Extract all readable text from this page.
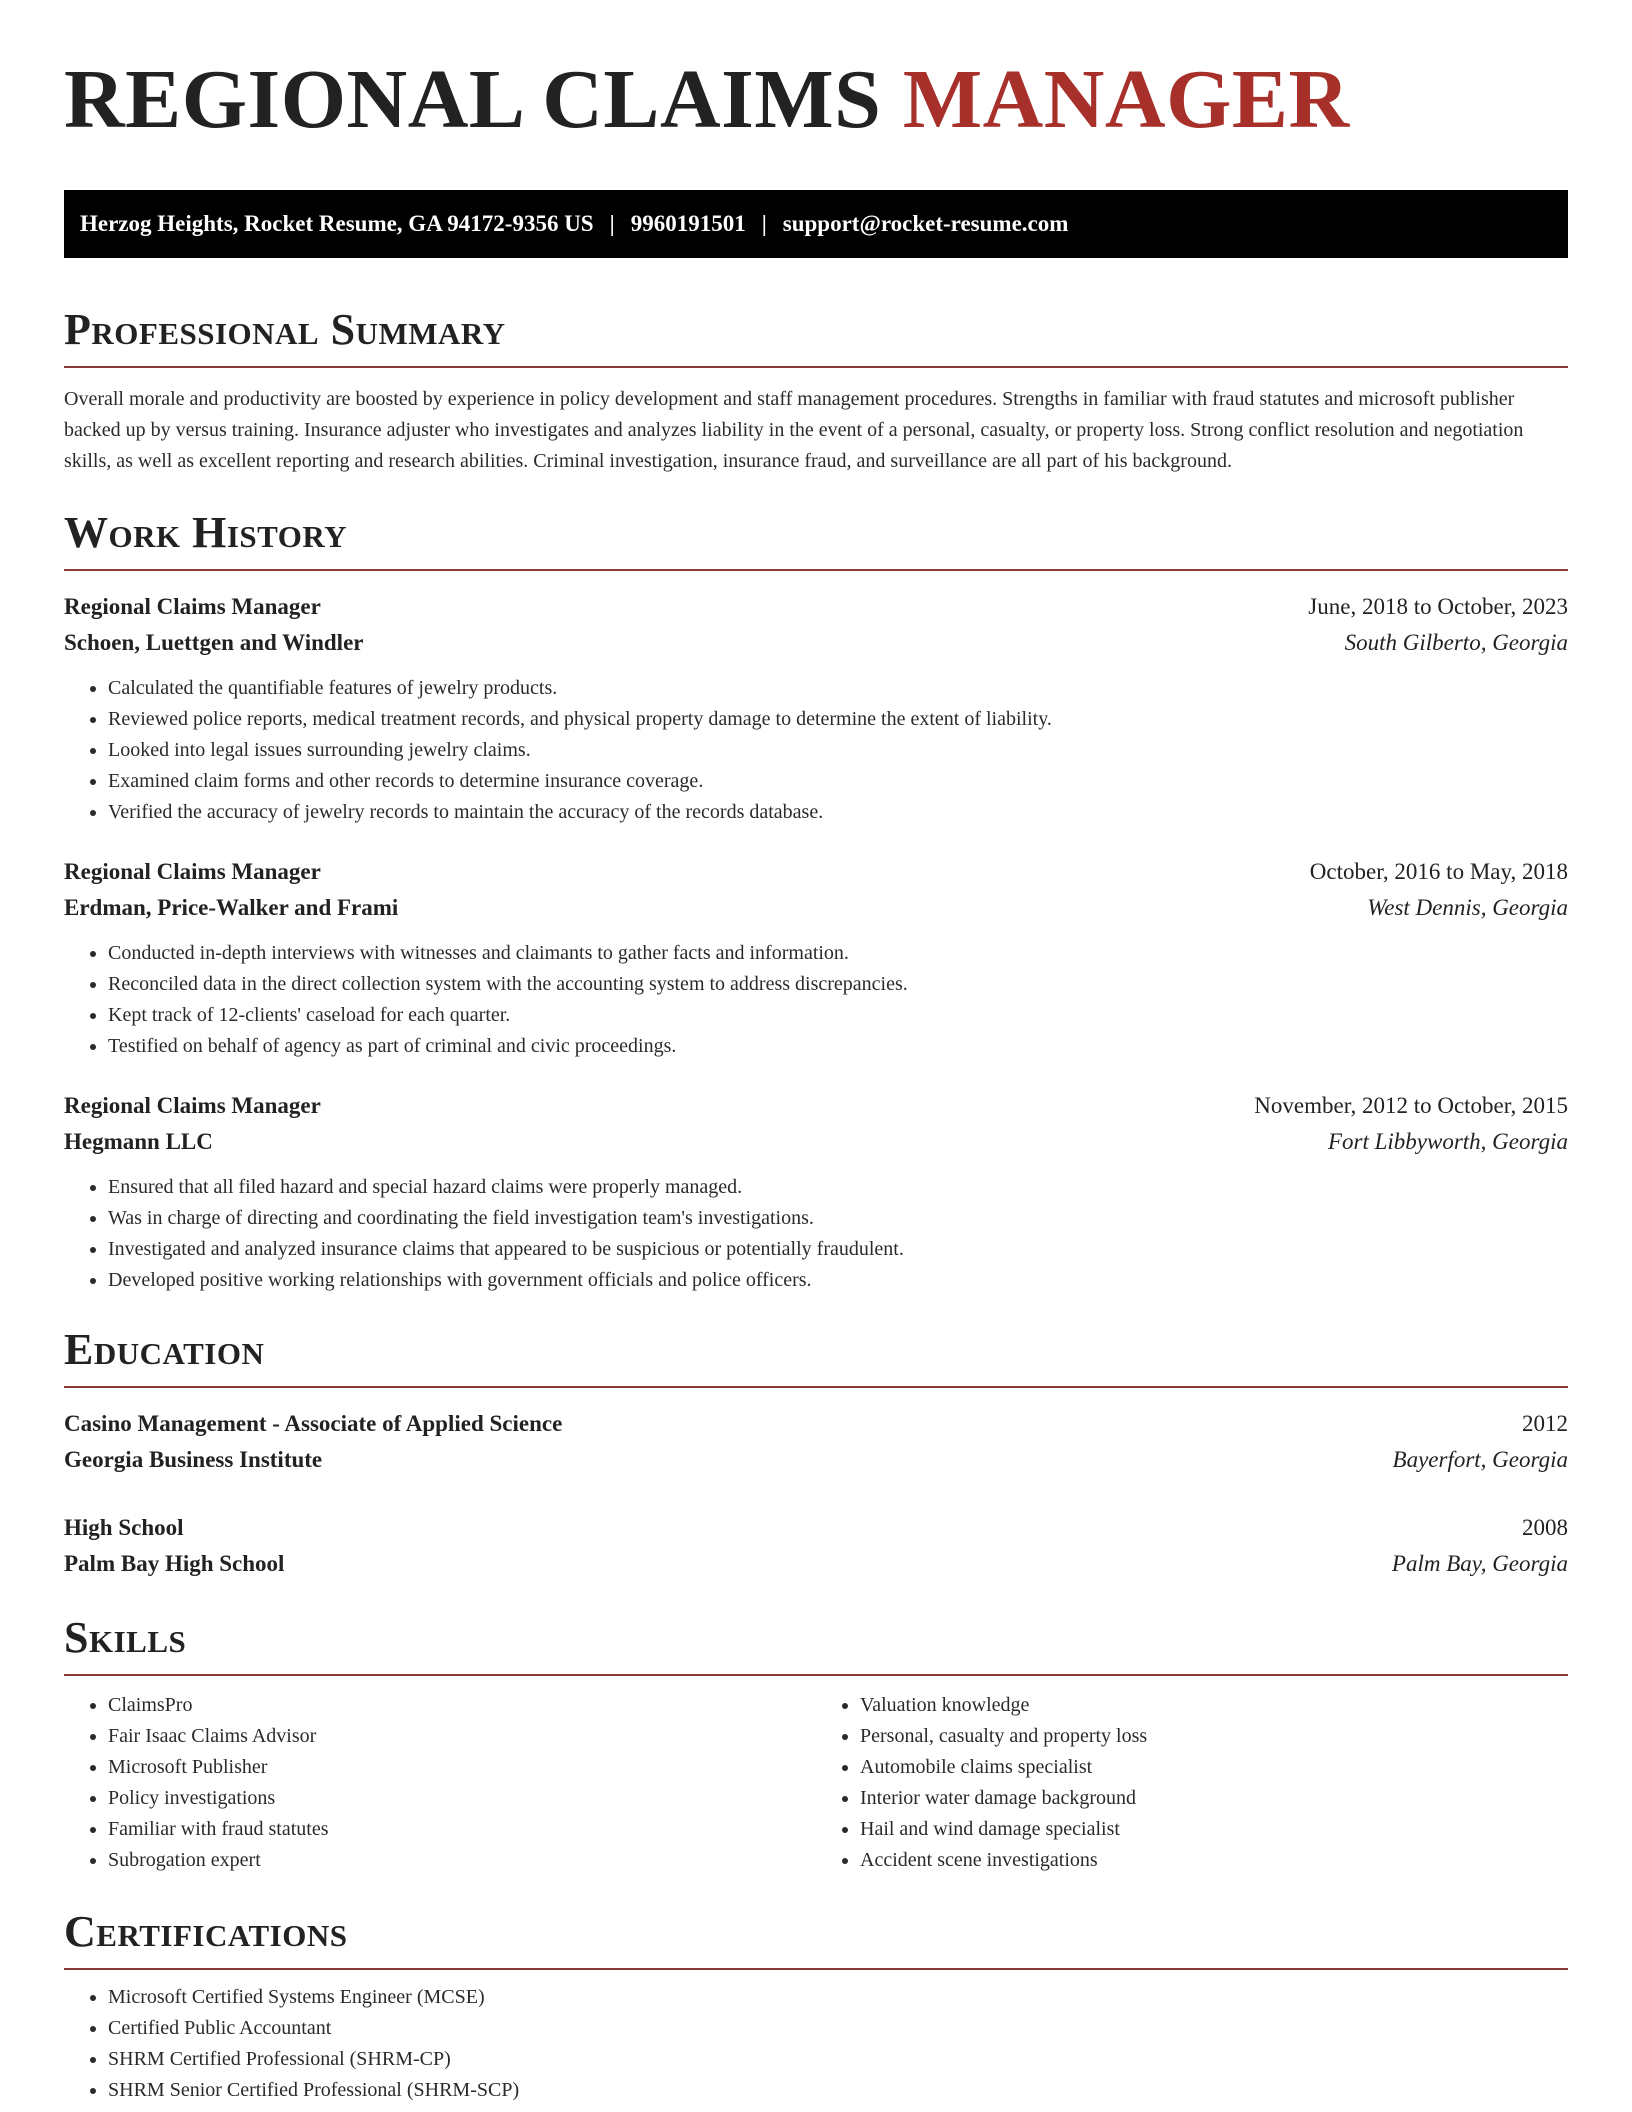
REGIONAL CLAIMS MANAGER
Herzog Heights, Rocket Resume, GA 94172-9356 US | 9960191501 | support@rocket-resume.com
Professional Summary

Overall morale and productivity are boosted by experience in policy development and staff management procedures. Strengths in familiar with fraud statutes and microsoft publisher backed up by versus training. Insurance adjuster who investigates and analyzes liability in the event of a personal, casualty, or property loss. Strong conflict resolution and negotiation skills, as well as excellent reporting and research abilities. Criminal investigation, insurance fraud, and surveillance are all part of his background.

Work History
Regional Claims Manager	June, 2018 to October, 2023
Schoen, Luettgen and Windler	South Gilberto, Georgia
• Calculated the quantifiable features of jewelry products.
• Reviewed police reports, medical treatment records, and physical property damage to determine the extent of liability.
• Looked into legal issues surrounding jewelry claims.
• Examined claim forms and other records to determine insurance coverage.
• Verified the accuracy of jewelry records to maintain the accuracy of the records database.
Regional Claims Manager	October, 2016 to May, 2018
Erdman, Price-Walker and Frami	West Dennis, Georgia
• Conducted in-depth interviews with witnesses and claimants to gather facts and information.
• Reconciled data in the direct collection system with the accounting system to address discrepancies.
• Kept track of 12-clients' caseload for each quarter.
• Testified on behalf of agency as part of criminal and civic proceedings.
Regional Claims Manager	November, 2012 to October, 2015
Hegmann LLC	Fort Libbyworth, Georgia
• Ensured that all filed hazard and special hazard claims were properly managed.
• Was in charge of directing and coordinating the field investigation team's investigations.
• Investigated and analyzed insurance claims that appeared to be suspicious or potentially fraudulent.
• Developed positive working relationships with government officials and police officers.
Education
Casino Management - Associate of Applied Science	2012
Georgia Business Institute	Bayerfort, Georgia
High School	2008
Palm Bay High School	Palm Bay, Georgia
Skills
• ClaimsPro
• Fair Isaac Claims Advisor
• Microsoft Publisher
• Policy investigations
• Familiar with fraud statutes
• Subrogation expert
• Valuation knowledge
• Personal, casualty and property loss
• Automobile claims specialist
• Interior water damage background
• Hail and wind damage specialist
• Accident scene investigations
Certifications
• Microsoft Certified Systems Engineer (MCSE)
• Certified Public Accountant
• SHRM Certified Professional (SHRM-CP)
• SHRM Senior Certified Professional (SHRM-SCP)
